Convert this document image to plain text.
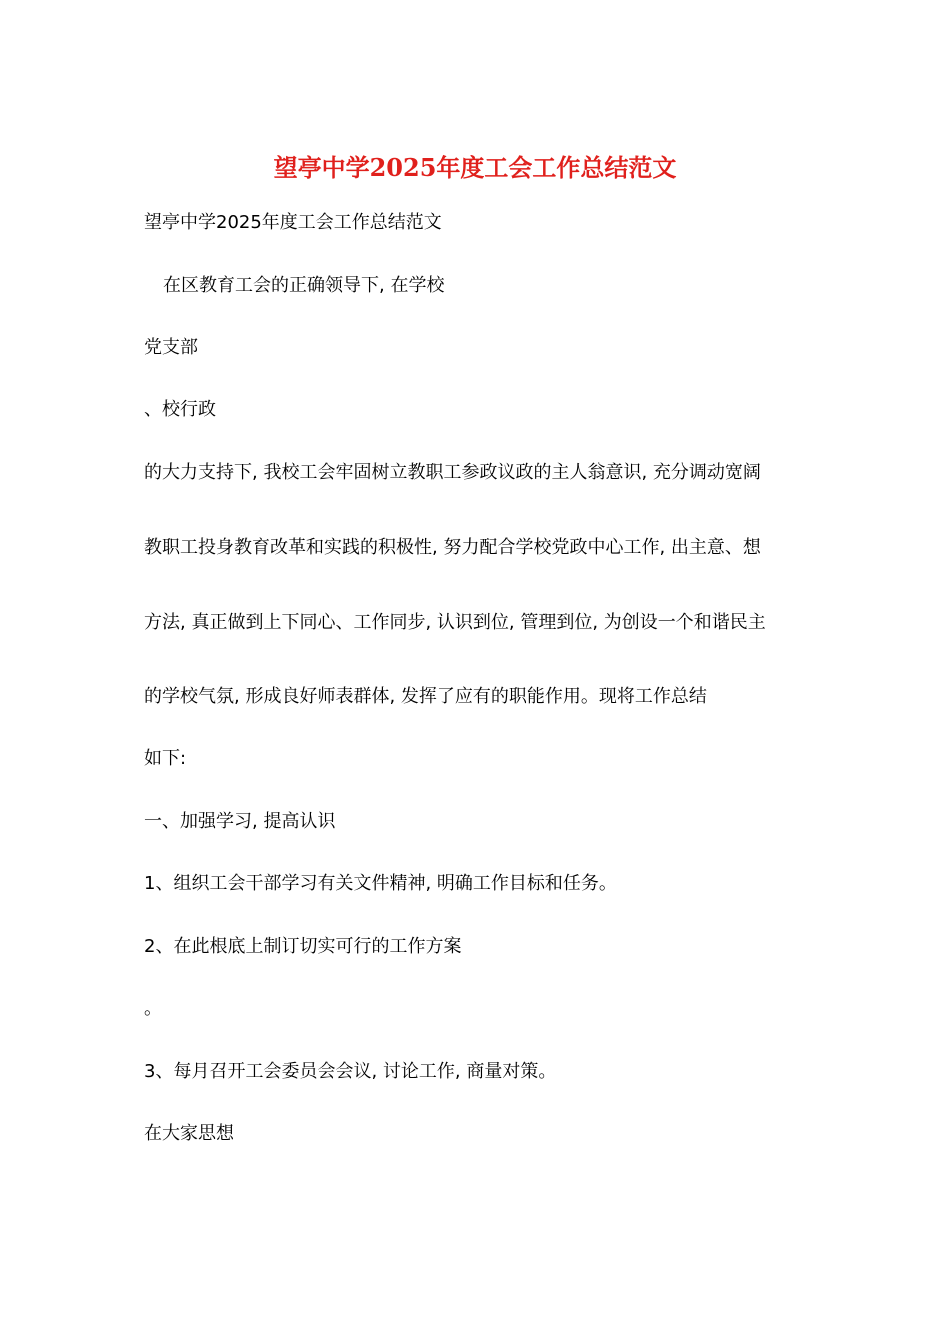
望亭中学2025年度工会工作总结范文
望亭中学2025年度工会工作总结范文
在区教育工会的正确领导下, 在学校
党支部
、校行政
的大力支持下, 我校工会牢固树立教职工参政议政的主人翁意识, 充分调动宽阔
教职工投身教育改革和实践的积极性, 努力配合学校党政中心工作, 出主意、想
方法, 真正做到上下同心、工作同步, 认识到位, 管理到位, 为创设一个和谐民主
的学校气氛, 形成良好师表群体, 发挥了应有的职能作用。现将工作总结
如下:
一、加强学习, 提高认识
1、组织工会干部学习有关文件精神, 明确工作目标和任务。
2、在此根底上制订切实可行的工作方案
。
3、每月召开工会委员会会议, 讨论工作, 商量对策。
在大家思想
